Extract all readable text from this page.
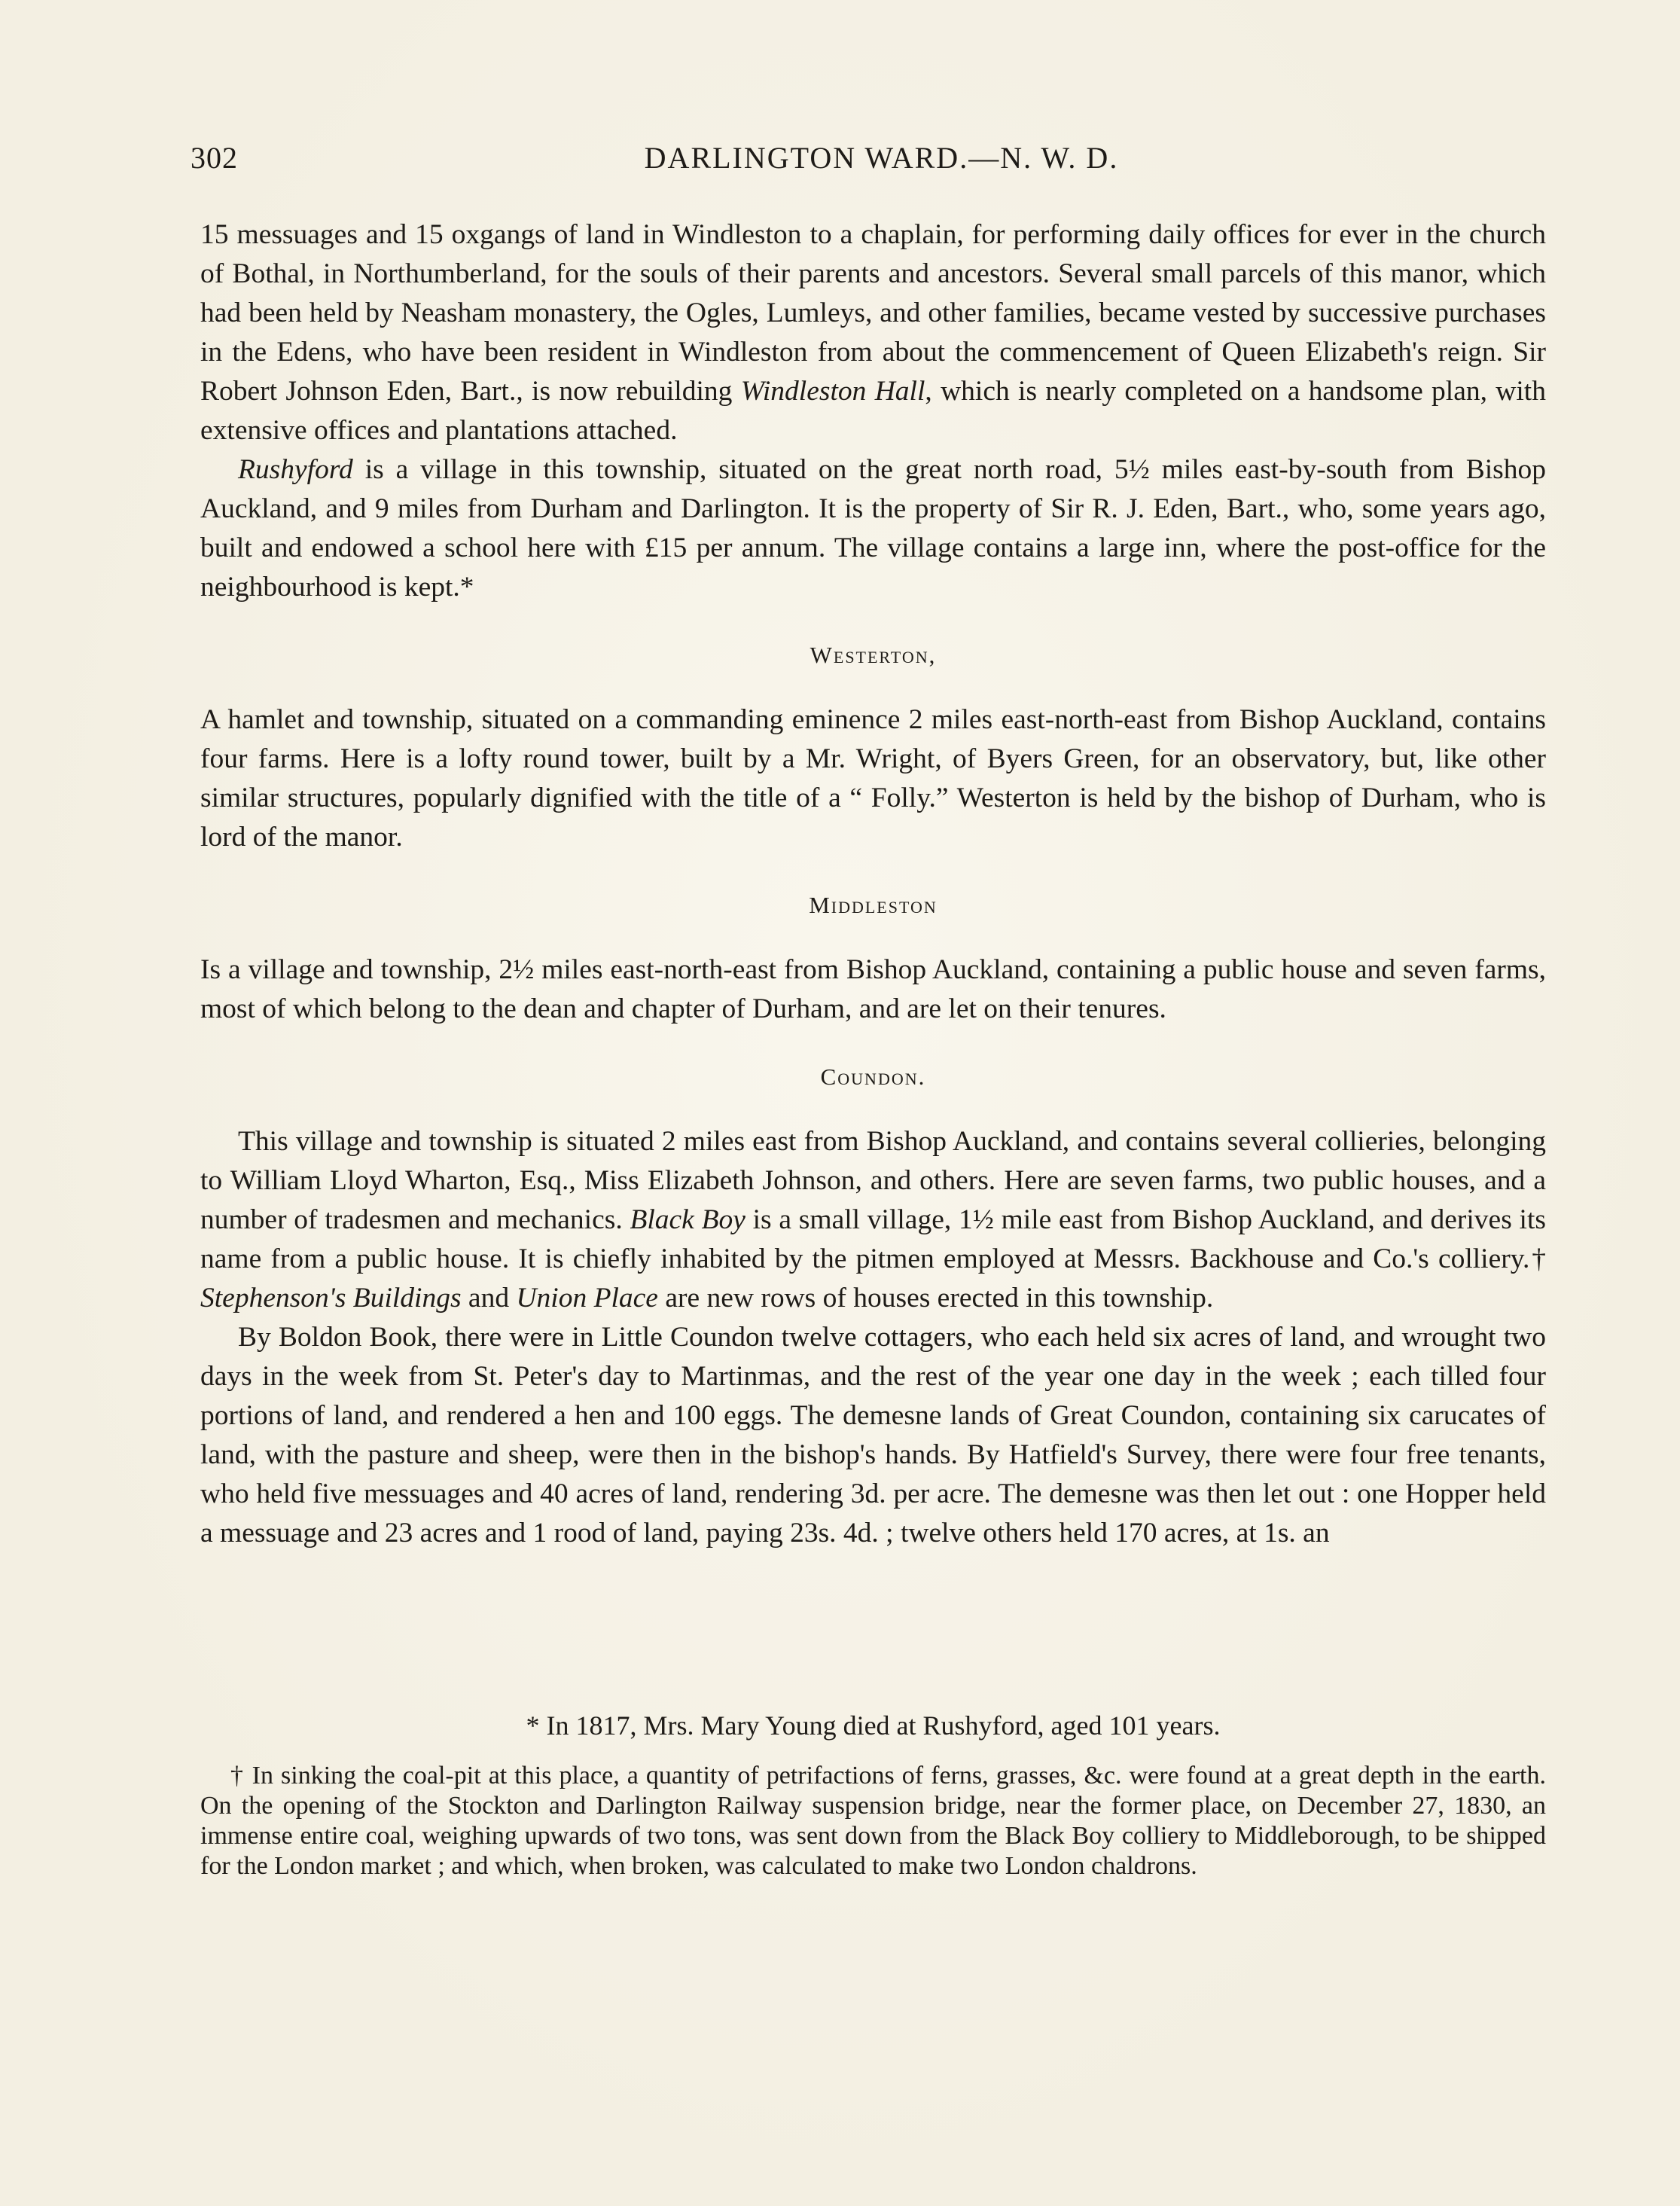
302	DARLINGTON WARD.—N. W. D.

15 messuages and 15 oxgangs of land in Windleston to a chaplain, for performing daily offices for ever in the church of Bothal, in Northumberland, for the souls of their parents and ancestors. Several small parcels of this manor, which had been held by Neasham monastery, the Ogles, Lumleys, and other families, became vested by successive purchases in the Edens, who have been resident in Windleston from about the commencement of Queen Elizabeth's reign. Sir Robert Johnson Eden, Bart., is now rebuilding Windleston Hall, which is nearly completed on a handsome plan, with extensive offices and plantations attached.

Rushyford is a village in this township, situated on the great north road, 5½ miles east-by-south from Bishop Auckland, and 9 miles from Durham and Darlington. It is the property of Sir R. J. Eden, Bart., who, some years ago, built and endowed a school here with £15 per annum. The village contains a large inn, where the post-office for the neighbourhood is kept.*

Westerton,

A hamlet and township, situated on a commanding eminence 2 miles east-north-east from Bishop Auckland, contains four farms. Here is a lofty round tower, built by a Mr. Wright, of Byers Green, for an observatory, but, like other similar structures, popularly dignified with the title of a “ Folly.” Westerton is held by the bishop of Durham, who is lord of the manor.

Middleston

Is a village and township, 2½ miles east-north-east from Bishop Auckland, containing a public house and seven farms, most of which belong to the dean and chapter of Durham, and are let on their tenures.

Coundon.

This village and township is situated 2 miles east from Bishop Auckland, and contains several collieries, belonging to William Lloyd Wharton, Esq., Miss Elizabeth Johnson, and others. Here are seven farms, two public houses, and a number of tradesmen and mechanics. Black Boy is a small village, 1½ mile east from Bishop Auckland, and derives its name from a public house. It is chiefly inhabited by the pitmen employed at Messrs. Backhouse and Co.'s colliery.† Stephenson's Buildings and Union Place are new rows of houses erected in this township.

By Boldon Book, there were in Little Coundon twelve cottagers, who each held six acres of land, and wrought two days in the week from St. Peter's day to Martinmas, and the rest of the year one day in the week ; each tilled four portions of land, and rendered a hen and 100 eggs. The demesne lands of Great Coundon, containing six carucates of land, with the pasture and sheep, were then in the bishop's hands. By Hatfield's Survey, there were four free tenants, who held five messuages and 40 acres of land, rendering 3d. per acre. The demesne was then let out : one Hopper held a messuage and 23 acres and 1 rood of land, paying 23s. 4d. ; twelve others held 170 acres, at 1s. an

* In 1817, Mrs. Mary Young died at Rushyford, aged 101 years.
† In sinking the coal-pit at this place, a quantity of petrifactions of ferns, grasses, &c. were found at a great depth in the earth. On the opening of the Stockton and Darlington Railway suspension bridge, near the former place, on December 27, 1830, an immense entire coal, weighing upwards of two tons, was sent down from the Black Boy colliery to Middleborough, to be shipped for the London market ; and which, when broken, was calculated to make two London chaldrons.
